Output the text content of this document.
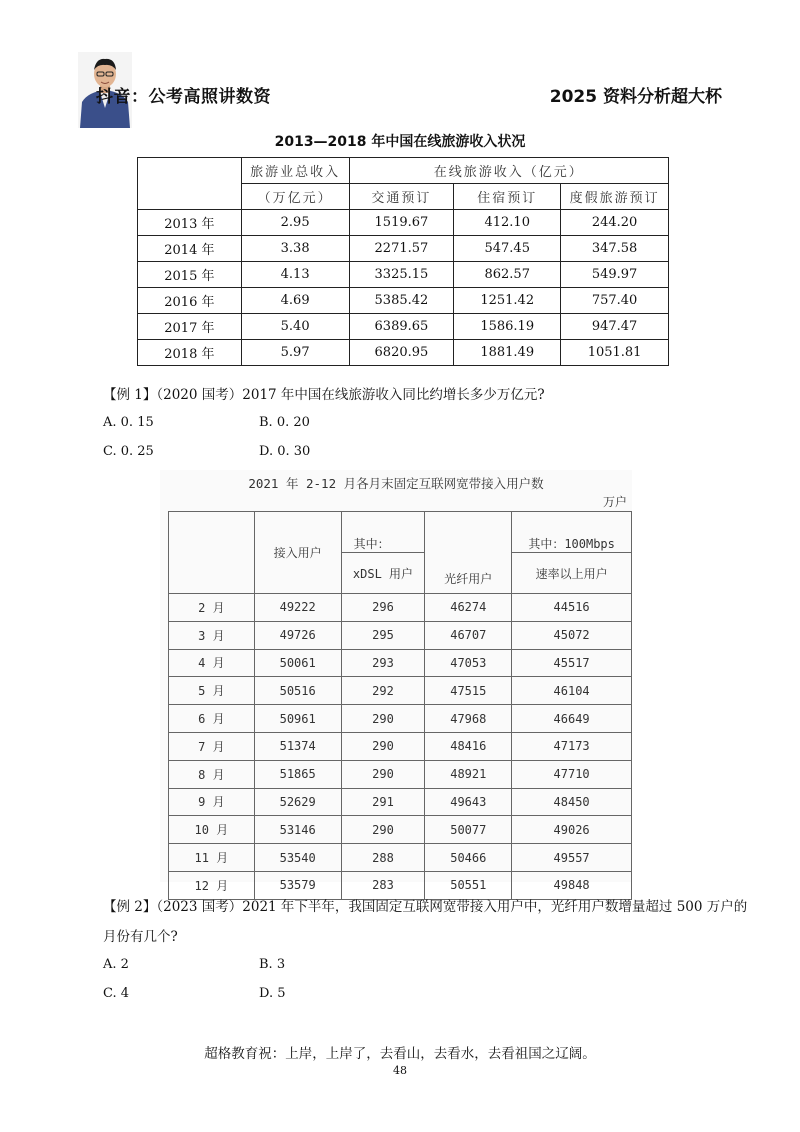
抖音：公考高照讲数资	2025 资料分析超大杯
2013—2018 年中国在线旅游收入状况
	旅游业总收入	在线旅游收入（亿元）		
	（万亿元）	交通预订	住宿预订	度假旅游预订
2013 年	2.95	1519.67	412.10	244.20
2014 年	3.38	2271.57	547.45	347.58
2015 年	4.13	3325.15	862.57	549.97
2016 年	4.69	5385.42	1251.42	757.40
2017 年	5.40	6389.65	1586.19	947.47
2018 年	5.97	6820.95	1881.49	1051.81
【例 1】（2020 国考）2017 年中国在线旅游收入同比约增长多少万亿元?
A. 0. 15	B. 0. 20
C. 0. 25	D. 0. 30
2021 年 2-12 月各月末固定互联网宽带接入用户数
万户
	接入用户	其中：	光纤用户	其中：100Mbps
		xDSL 用户		速率以上用户
2 月	49222	296	46274	44516
3 月	49726	295	46707	45072
4 月	50061	293	47053	45517
5 月	50516	292	47515	46104
6 月	50961	290	47968	46649
7 月	51374	290	48416	47173
8 月	51865	290	48921	47710
9 月	52629	291	49643	48450
10 月	53146	290	50077	49026
11 月	53540	288	50466	49557
12 月	53579	283	50551	49848
【例 2】（2023 国考）2021 年下半年，我国固定互联网宽带接入用户中，光纤用户数增量超过 500 万户的
月份有几个?
A. 2	B. 3
C. 4	D. 5
超格教育祝：上岸，上岸了，去看山，去看水，去看祖国之辽阔。
48
